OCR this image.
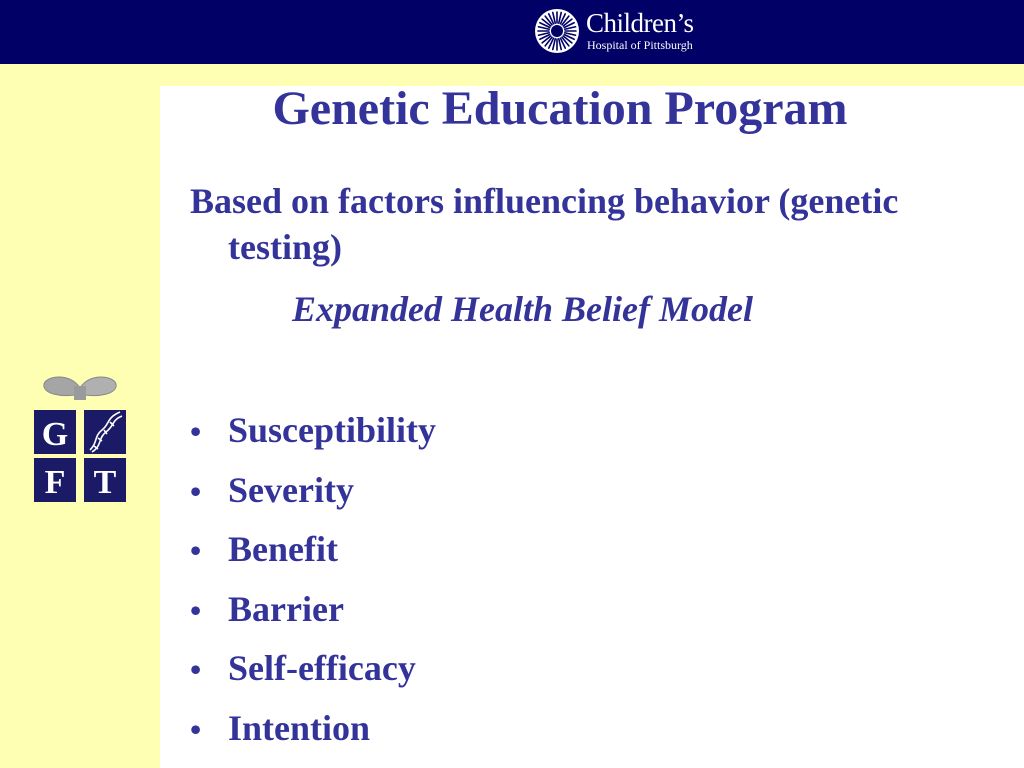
Children’s
Hospital of Pittsburgh
G
F T
Genetic Education Program

Based on factors influencing behavior (genetic testing)

Expanded Health Belief Model
• Susceptibility
• Severity
• Benefit
• Barrier
• Self-efficacy
• Intention
